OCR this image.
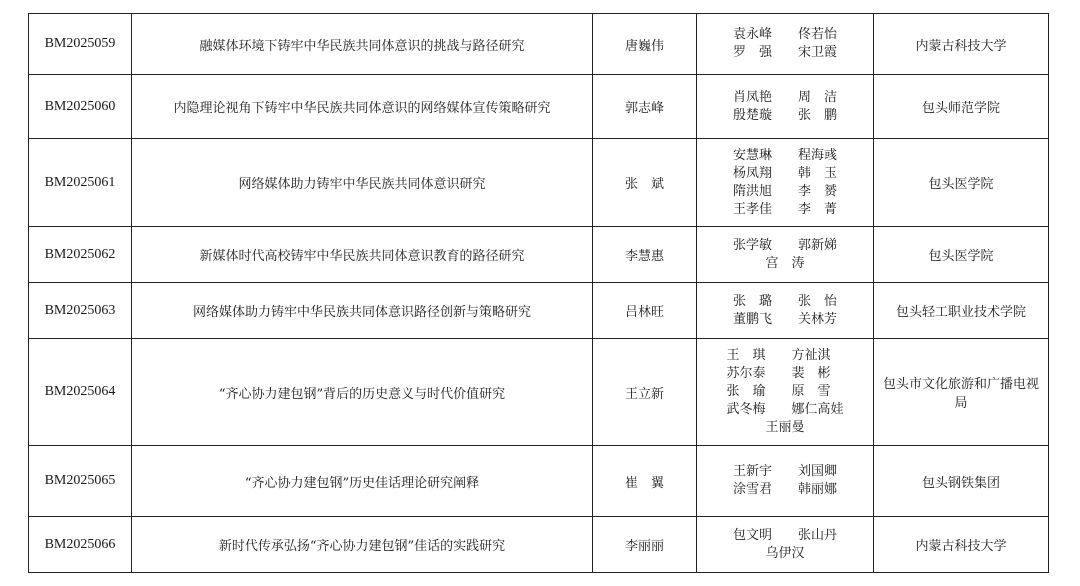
BM2025059	融媒体环境下铸牢中华民族共同体意识的挑战与路径研究	唐巍伟	袁永峰　　佟若怡
罗　强　　宋卫霞	内蒙古科技大学
BM2025060	内隐理论视角下铸牢中华民族共同体意识的网络媒体宣传策略研究	郭志峰	肖凤艳　　周　洁
殷楚璇　　张　鹏	包头师范学院
BM2025061	网络媒体助力铸牢中华民族共同体意识研究	张　斌	安慧琳　　程海彧
杨凤翔　　韩　玉
隋洪旭　　李　赟
王孝佳　　李　菁	包头医学院
BM2025062	新媒体时代高校铸牢中华民族共同体意识教育的路径研究	李慧惠	张学敏　　郭新娣
宫　涛	包头医学院
BM2025063	网络媒体助力铸牢中华民族共同体意识路径创新与策略研究	吕林旺	张　璐　　张　怡
董鹏飞　　关林芳	包头轻工职业技术学院
BM2025064	“齐心协力建包钢”背后的历史意义与时代价值研究	王立新	王　琪　　方祉淇
苏尔泰　　裴　彬
张　瑜　　原　雪
武冬梅　　娜仁高娃
王丽曼	包头市文化旅游和广播电视局
BM2025065	“齐心协力建包钢”历史佳话理论研究阐释	崔　翼	王新宇　　刘国卿
涂雪君　　韩丽娜	包头钢铁集团
BM2025066	新时代传承弘扬“齐心协力建包钢”佳话的实践研究	李丽丽	包文明　　张山丹
乌伊汉	内蒙古科技大学
